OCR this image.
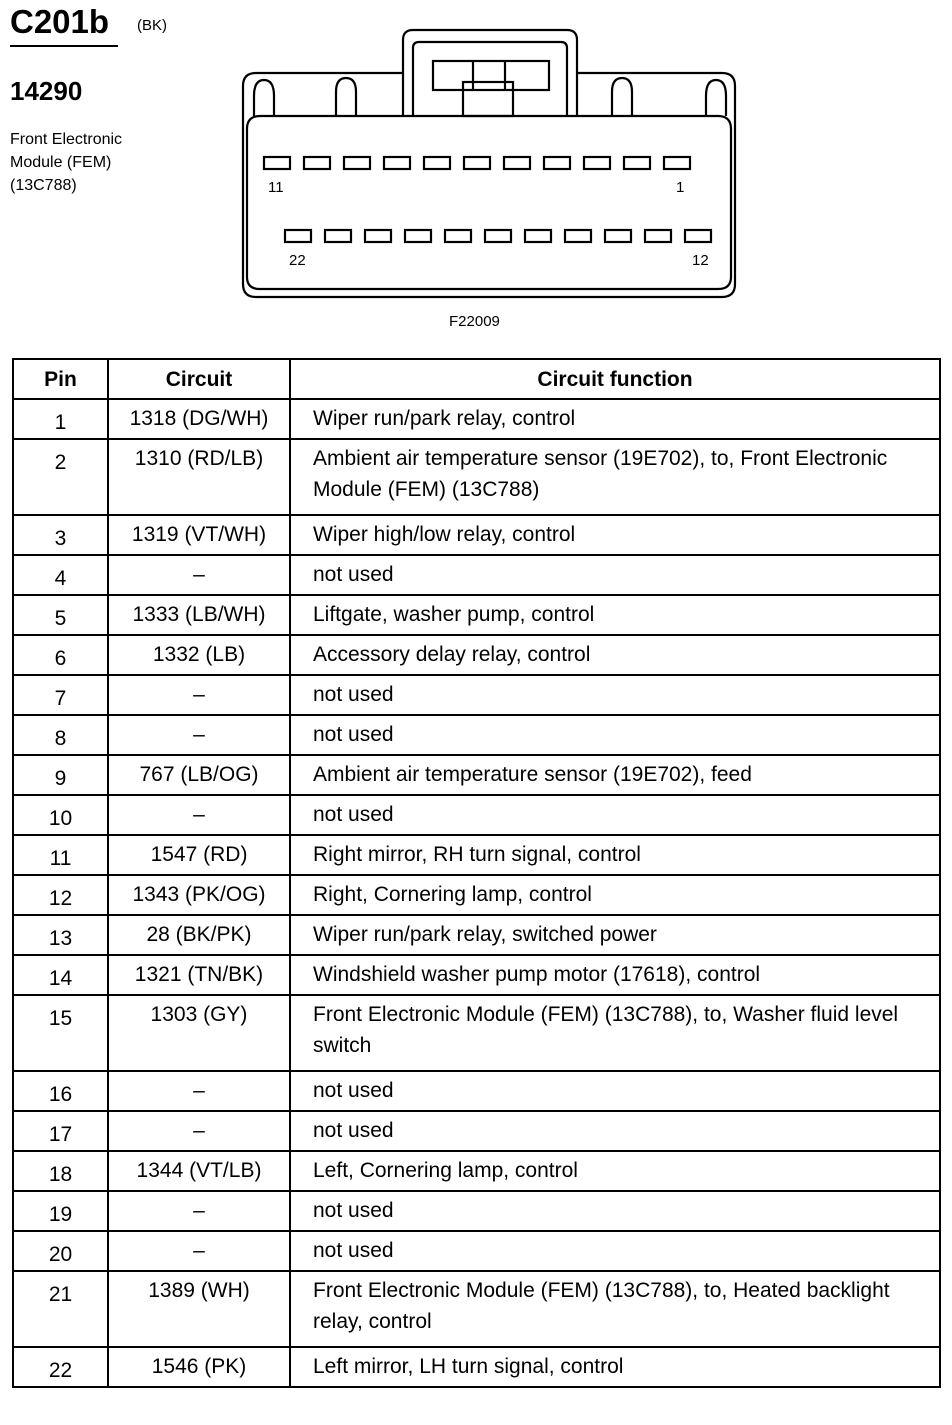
C201b (BK)
14290
Front Electronic
Module (FEM)
(13C788)	11	1
22	12
F22009
Pin	Circuit	Circuit function
1	1318 (DG/WH)	Wiper run/park relay, control
2	1310 (RD/LB)	Ambient air temperature sensor (19E702), to, Front Electronic Module (FEM) (13C788)
3	1319 (VT/WH)	Wiper high/low relay, control
4	–	not used
5	1333 (LB/WH)	Liftgate, washer pump, control
6	1332 (LB)	Accessory delay relay, control
7	–	not used
8	–	not used
9	767 (LB/OG)	Ambient air temperature sensor (19E702), feed
10	–	not used
11	1547 (RD)	Right mirror, RH turn signal, control
12	1343 (PK/OG)	Right, Cornering lamp, control
13	28 (BK/PK)	Wiper run/park relay, switched power
14	1321 (TN/BK)	Windshield washer pump motor (17618), control
15	1303 (GY)	Front Electronic Module (FEM) (13C788), to, Washer fluid level switch
16	–	not used
17	–	not used
18	1344 (VT/LB)	Left, Cornering lamp, control
19	–	not used
20	–	not used
21	1389 (WH)	Front Electronic Module (FEM) (13C788), to, Heated backlight relay, control
22	1546 (PK)	Left mirror, LH turn signal, control
